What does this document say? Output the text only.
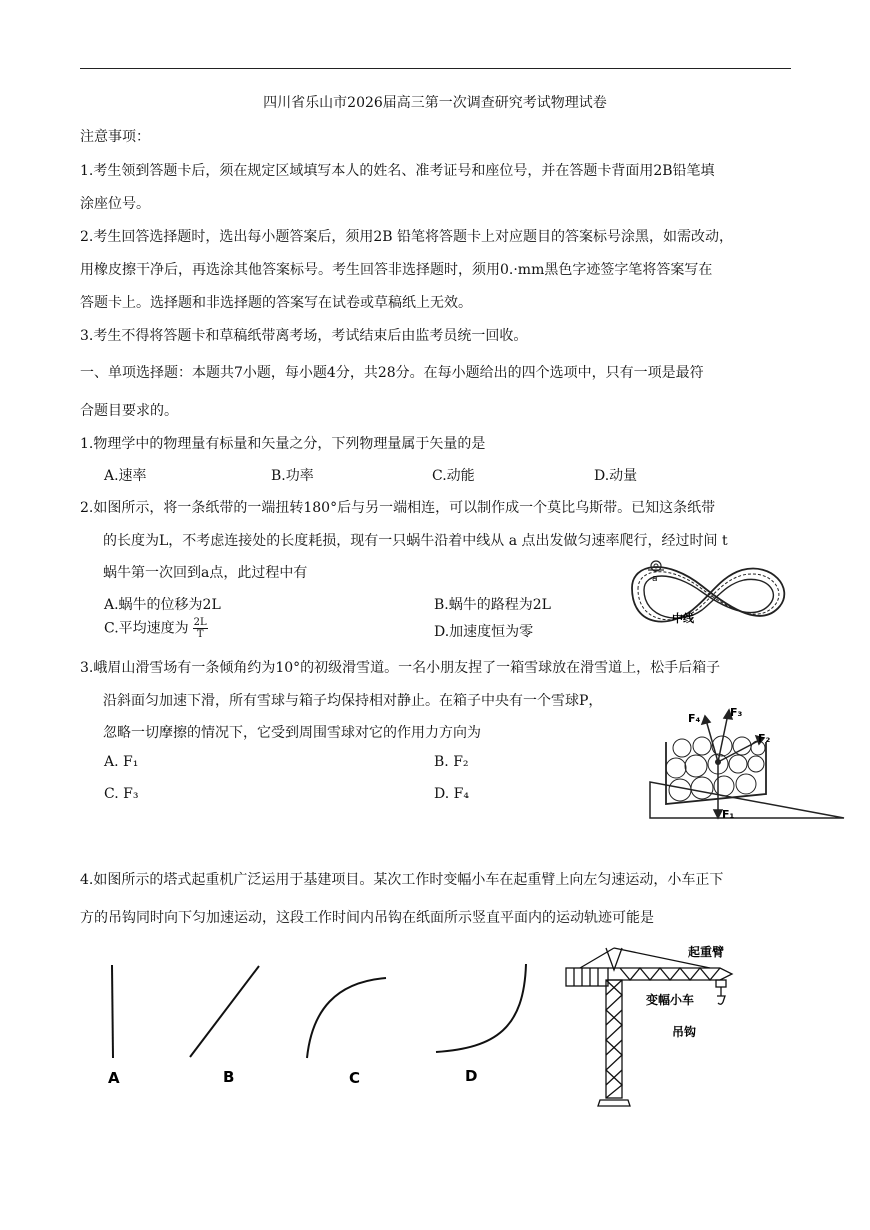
四川省乐山市2026届高三第一次调查研究考试物理试卷
注意事项：
1.考生领到答题卡后，须在规定区域填写本人的姓名、准考证号和座位号，并在答题卡背面用2B铅笔填
涂座位号。
2.考生回答选择题时，选出每小题答案后，须用2B 铅笔将答题卡上对应题目的答案标号涂黑，如需改动，
用橡皮擦干净后，再选涂其他答案标号。考生回答非选择题时，须用0.·mm黑色字迹签字笔将答案写在
答题卡上。选择题和非选择题的答案写在试卷或草稿纸上无效。
3.考生不得将答题卡和草稿纸带离考场，考试结束后由监考员统一回收。
一、单项选择题：本题共7小题，每小题4分，共28分。在每小题给出的四个选项中，只有一项是最符
合题目要求的。
1.物理学中的物理量有标量和矢量之分，下列物理量属于矢量的是
A.速率	B.功率	C.动能	D.动量
2.如图所示，将一条纸带的一端扭转180°后与另一端相连，可以制作成一个莫比乌斯带。已知这条纸带
的长度为L，不考虑连接处的长度耗损，现有一只蜗牛沿着中线从 a 点出发做匀速率爬行，经过时间 t
蜗牛第一次回到a点，此过程中有
A.蜗牛的位移为2L	B.蜗牛的路程为2L
C.平均速度为 $\frac{2L}{T}$	D.加速度恒为零
a
中线
3.峨眉山滑雪场有一条倾角约为10°的初级滑雪道。一名小朋友捏了一箱雪球放在滑雪道上，松手后箱子
沿斜面匀加速下滑，所有雪球与箱子均保持相对静止。在箱子中央有一个雪球P，
忽略一切摩擦的情况下，它受到周围雪球对它的作用力方向为
A. F₁	B. F₂
C. F₃	D. F₄
F₄	F₃
F₂
F₁
4.如图所示的塔式起重机广泛运用于基建项目。某次工作时变幅小车在起重臂上向左匀速运动，小车正下
方的吊钩同时向下匀加速运动，这段工作时间内吊钩在纸面所示竖直平面内的运动轨迹可能是
A	B	C	D
起重臂
变幅小车
吊钩
